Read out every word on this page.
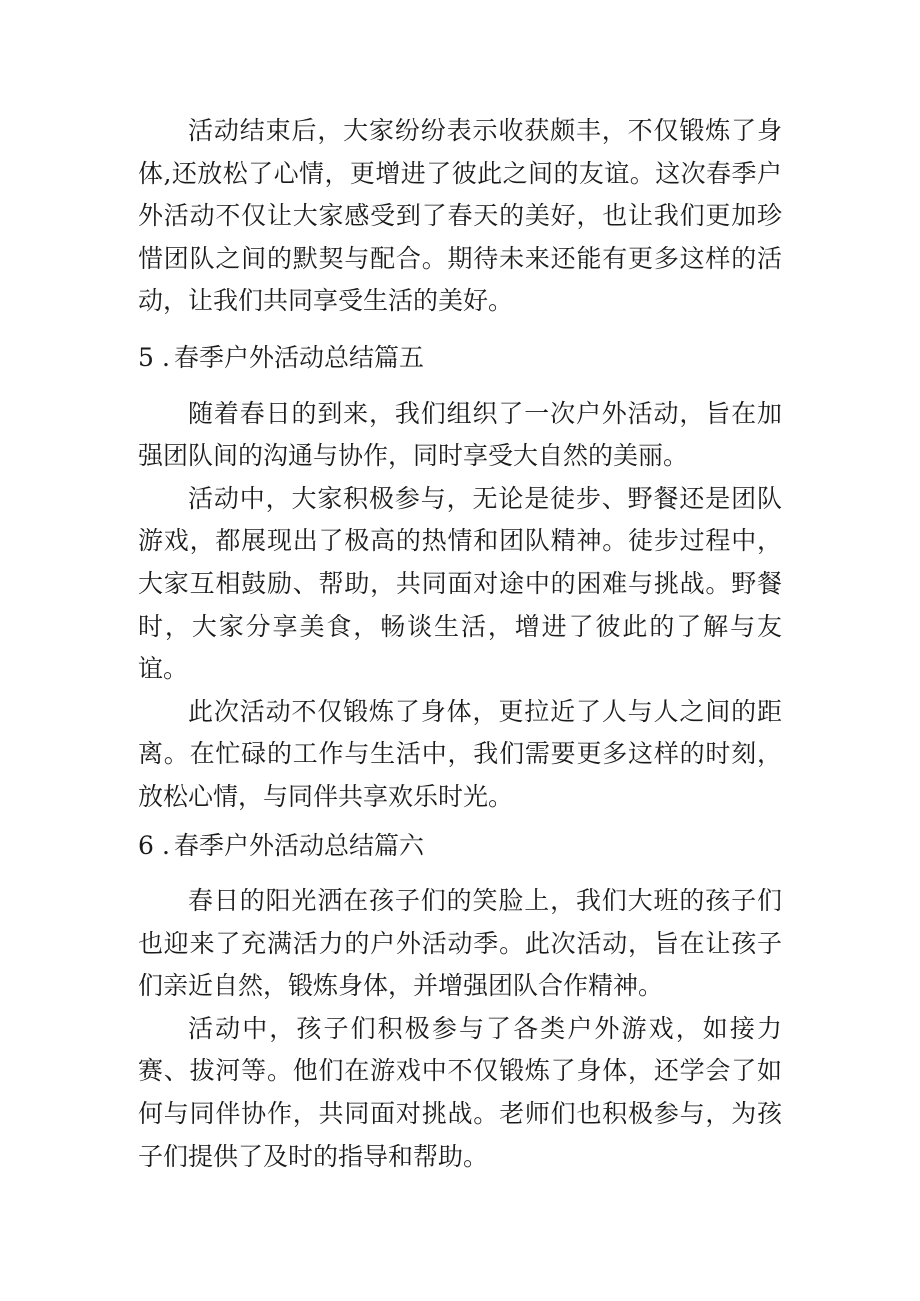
活动结束后，大家纷纷表示收获颇丰，不仅锻炼了身体,还放松了心情，更增进了彼此之间的友谊。这次春季户外活动不仅让大家感受到了春天的美好，也让我们更加珍惜团队之间的默契与配合。期待未来还能有更多这样的活动，让我们共同享受生活的美好。

5 . 春季户外活动总结篇五

随着春日的到来，我们组织了一次户外活动，旨在加强团队间的沟通与协作，同时享受大自然的美丽。

活动中，大家积极参与，无论是徒步、野餐还是团队游戏，都展现出了极高的热情和团队精神。徒步过程中，大家互相鼓励、帮助，共同面对途中的困难与挑战。野餐时，大家分享美食，畅谈生活，增进了彼此的了解与友谊。

此次活动不仅锻炼了身体，更拉近了人与人之间的距离。在忙碌的工作与生活中，我们需要更多这样的时刻，放松心情，与同伴共享欢乐时光。

6 . 春季户外活动总结篇六

春日的阳光洒在孩子们的笑脸上，我们大班的孩子们也迎来了充满活力的户外活动季。此次活动，旨在让孩子们亲近自然，锻炼身体，并增强团队合作精神。

活动中，孩子们积极参与了各类户外游戏，如接力赛、拔河等。他们在游戏中不仅锻炼了身体，还学会了如何与同伴协作，共同面对挑战。老师们也积极参与，为孩子们提供了及时的指导和帮助。
